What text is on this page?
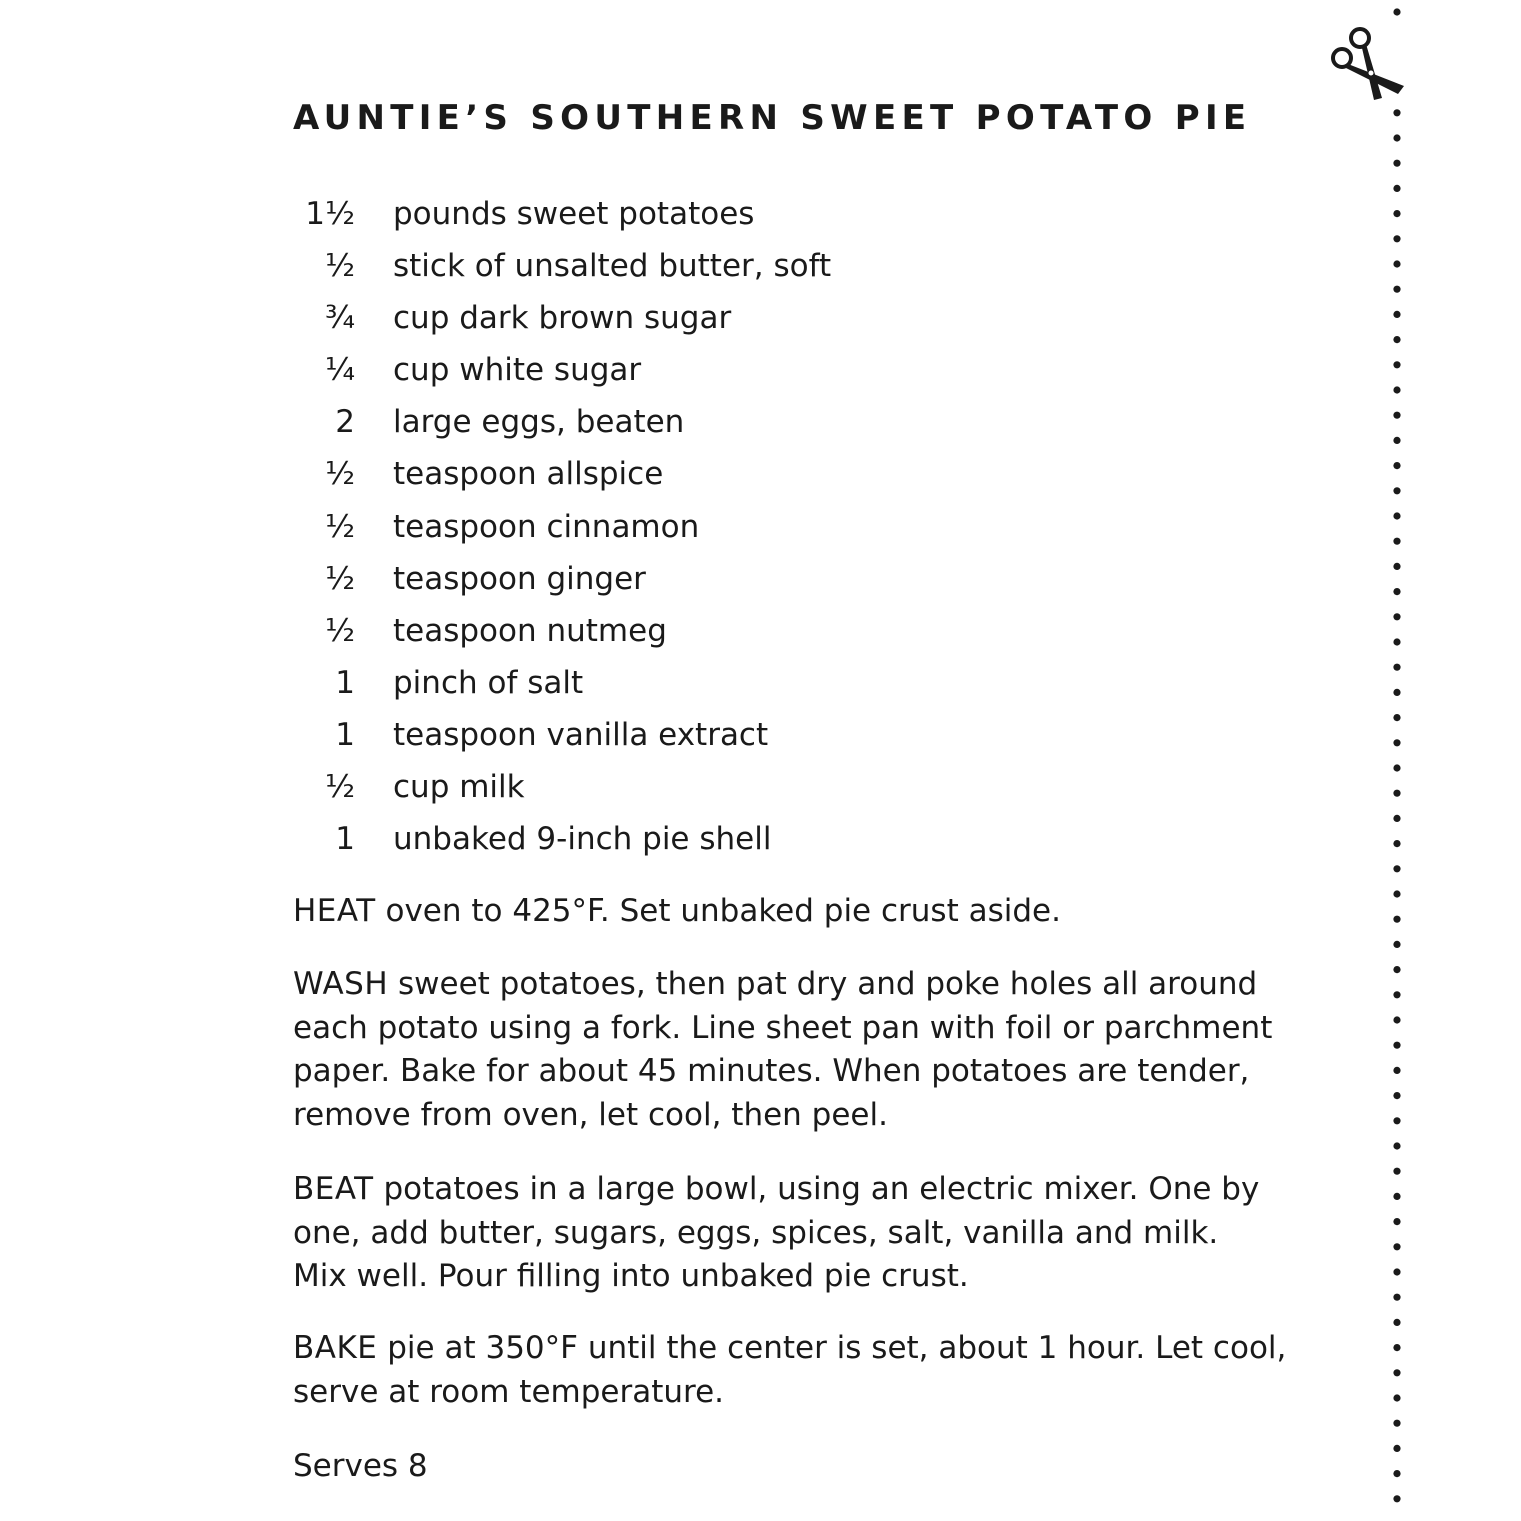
AUNTIE’S SOUTHERN SWEET POTATO PIE
1½ pounds sweet potatoes
½ stick of unsalted butter, soft
¾ cup dark brown sugar
¼ cup white sugar
2 large eggs, beaten
½ teaspoon allspice
½ teaspoon cinnamon
½ teaspoon ginger
½ teaspoon nutmeg
1 pinch of salt
1 teaspoon vanilla extract
½ cup milk
1 unbaked 9-inch pie shell

HEAT oven to 425°F. Set unbaked pie crust aside.

WASH sweet potatoes, then pat dry and poke holes all around
each potato using a fork. Line sheet pan with foil or parchment
paper. Bake for about 45 minutes. When potatoes are tender,
remove from oven, let cool, then peel.

BEAT potatoes in a large bowl, using an electric mixer. One by
one, add butter, sugars, eggs, spices, salt, vanilla and milk.
Mix well. Pour filling into unbaked pie crust.

BAKE pie at 350°F until the center is set, about 1 hour. Let cool,
serve at room temperature.

Serves 8
